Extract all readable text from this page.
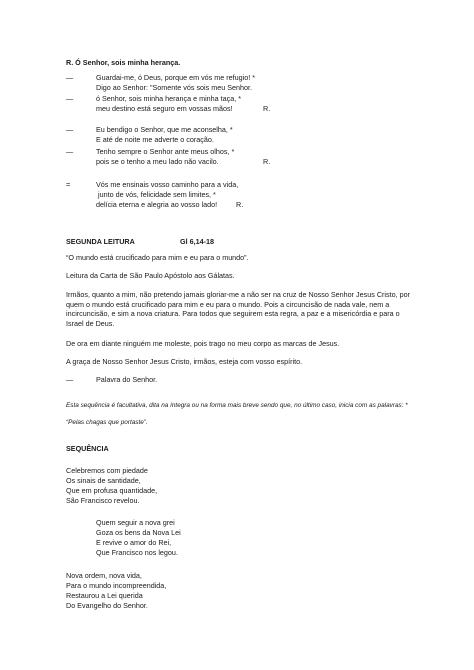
R. Ó Senhor, sois minha herança.
—	Guardai-me, ó Deus, porque em vós me refugio! *
Digo ao Senhor: "Somente vós sois meu Senhor.
—	ó Senhor, sois minha herança e minha taça, *
meu destino está seguro em vossas mãos!	R.
—	Eu bendigo o Senhor, que me aconselha, *
E até de noite me adverte o coração.
—	Tenho sempre o Senhor ante meus olhos, *
pois se o tenho a meu lado não vacilo.	R.
=	Vós me ensinais vosso caminho para a vida,
junto de vós, felicidade sem limites, *
delícia eterna e alegria ao vosso lado!	R.
SEGUNDA LEITURA	Gl 6,14-18
“O mundo está crucificado para mim e eu para o mundo”.
Leitura da Carta de São Paulo Apóstolo aos Gálatas.
Irmãos, quanto a mim, não pretendo jamais gloriar-me a não ser na cruz de Nosso Senhor Jesus Cristo, por quem o mundo está crucificado para mim e eu para o mundo. Pois a circuncisão de nada vale, nem a incircuncisão, e sim a nova criatura. Para todos que seguirem esta regra, a paz e a misericórdia e para o Israel de Deus.
De ora em diante ninguém me moleste, pois trago no meu corpo as marcas de Jesus.
A graça de Nosso Senhor Jesus Cristo, irmãos, esteja com vosso espírito.
—	Palavra do Senhor.
Esta sequência é facultativa, dita na íntegra ou na forma mais breve sendo que, no último caso, inicia com as palavras: *
“Pelas chagas que portaste”.
SEQUÊNCIA
Celebremos com piedade
Os sinais de santidade,
Que em profusa quantidade,
São Francisco revelou.
Quem seguir a nova grei
Goza os bens da Nova Lei
E revive o amor do Rei,
Que Francisco nos legou.
Nova ordem, nova vida,
Para o mundo incompreendida,
Restaurou a Lei querida
Do Evangelho do Senhor.
